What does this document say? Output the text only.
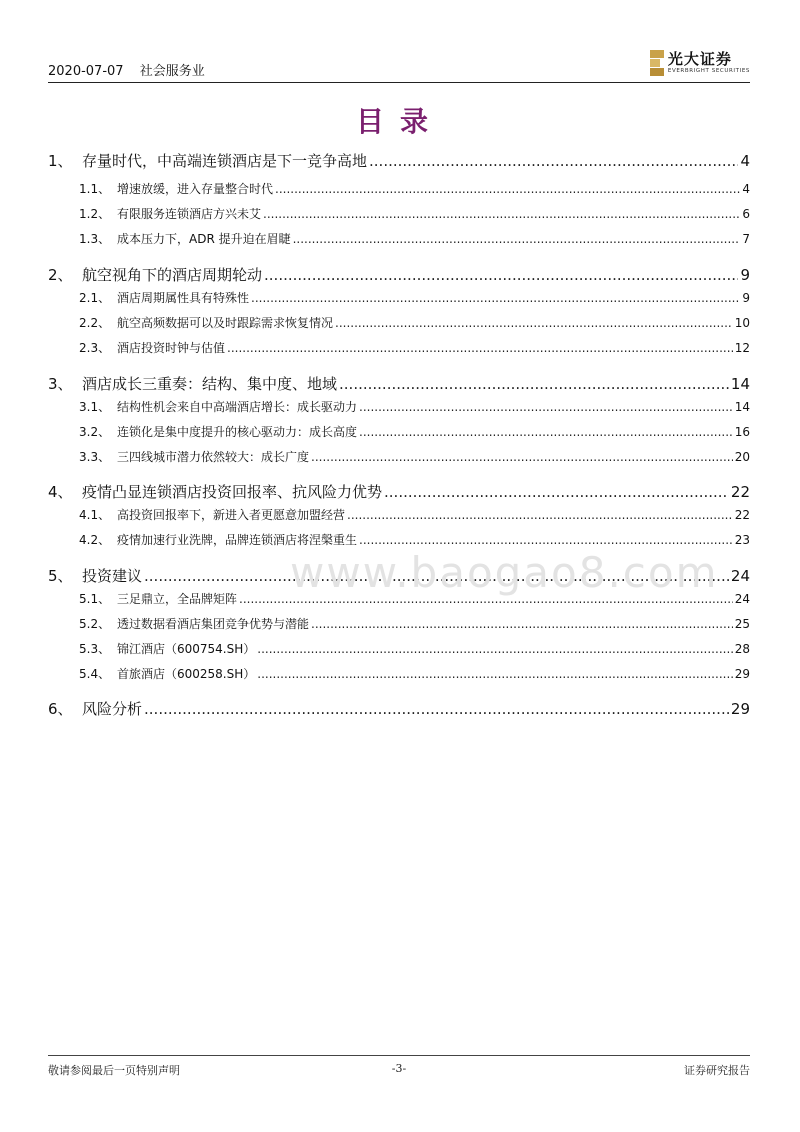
2020-07-07 社会服务业
光大证券
EVERBRIGHT SECURITIES
目录
1、 存量时代，中高端连锁酒店是下一竞争高地 .....	4
1.1、 增速放缓，进入存量整合时代 .....	4
1.2、 有限服务连锁酒店方兴未艾 .....	6
1.3、 成本压力下，ADR 提升迫在眉睫 .....	7
2、 航空视角下的酒店周期轮动 .....	9
2.1、 酒店周期属性具有特殊性 .....	9
2.2、 航空高频数据可以及时跟踪需求恢复情况 .....	10
2.3、 酒店投资时钟与估值 .....	12
3、 酒店成长三重奏：结构、集中度、地域 .....	14
3.1、 结构性机会来自中高端酒店增长：成长驱动力 .....	14
3.2、 连锁化是集中度提升的核心驱动力：成长高度 .....	16
3.3、 三四线城市潜力依然较大：成长广度 .....	20
4、 疫情凸显连锁酒店投资回报率、抗风险力优势 .....	22
4.1、 高投资回报率下，新进入者更愿意加盟经营 .....	22
4.2、 疫情加速行业洗牌，品牌连锁酒店将涅槃重生 .....	23
5、 投资建议 .....	24
5.1、 三足鼎立，全品牌矩阵 .....	24
5.2、 透过数据看酒店集团竞争优势与潜能 .....	25
5.3、 锦江酒店（600754.SH） .....	28
5.4、 首旅酒店（600258.SH） .....	29
6、 风险分析 .....	29
www.baogao8.com
敬请参阅最后一页特别声明	-3-	证券研究报告
